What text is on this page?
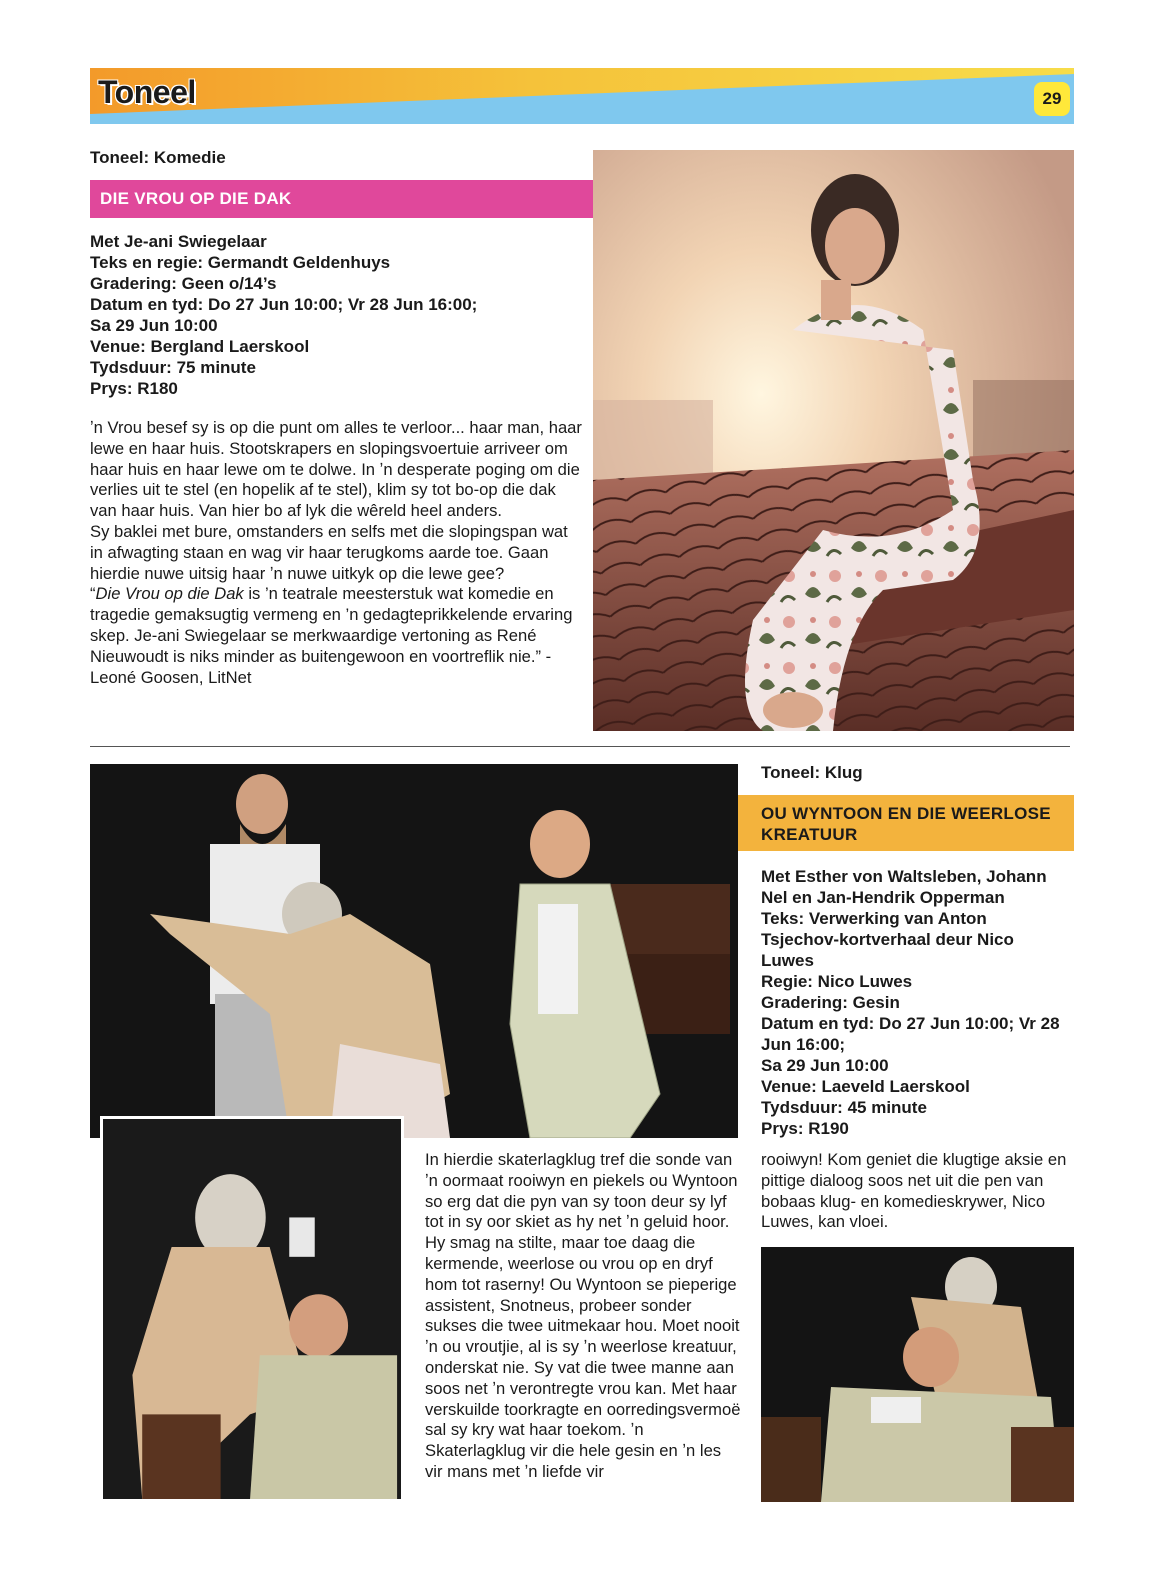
Toneel	29
Toneel: Komedie
DIE VROU OP DIE DAK
Met Je-ani Swiegelaar
Teks en regie: Germandt Geldenhuys
Gradering: Geen o/14’s
Datum en tyd: Do 27 Jun 10:00; Vr 28 Jun 16:00;
Sa 29 Jun 10:00
Venue: Bergland Laerskool
Tydsduur: 75 minute
Prys: R180

ʼn Vrou besef sy is op die punt om alles te verloor... haar man, haar lewe en haar huis. Stootskrapers en slopingsvoertuie arriveer om haar huis en haar lewe om te dolwe. In ʼn desperate poging om die verlies uit te stel (en hopelik af te stel), klim sy tot bo-op die dak van haar huis. Van hier bo af lyk die wêreld heel anders.

Sy baklei met bure, omstanders en selfs met die slopingspan wat in afwagting staan en wag vir haar terugkoms aarde toe. Gaan hierdie nuwe uitsig haar ʼn nuwe uitkyk op die lewe gee?

“Die Vrou op die Dak is ’n teatrale meesterstuk wat komedie en tragedie gemaksugtig vermeng en ’n gedagteprikkelende ervaring skep. Je-ani Swiegelaar se merkwaardige vertoning as René Nieuwoudt is niks minder as buitengewoon en voortreflik nie.” - Leoné Goosen, LitNet

Toneel: Klug
OU WYNTOON EN DIE WEERLOSE KREATUUR
Met Esther von Waltsleben, Johann
Nel en Jan-Hendrik Opperman
Teks: Verwerking van Anton
Tsjechov-kortverhaal deur Nico
Luwes
Regie: Nico Luwes
Gradering: Gesin
Datum en tyd: Do 27 Jun 10:00; Vr 28
Jun 16:00;
Sa 29 Jun 10:00
Venue: Laeveld Laerskool
Tydsduur: 45 minute
Prys: R190

In hierdie skaterlagklug tref die sonde van ʼn oormaat rooiwyn en piekels ou Wyntoon so erg dat die pyn van sy toon deur sy lyf tot in sy oor skiet as hy net ʼn geluid hoor. Hy smag na stilte, maar toe daag die kermende, weerlose ou vrou op en dryf hom tot raserny! Ou Wyntoon se pieperige assistent, Snotneus, probeer sonder sukses die twee uitmekaar hou. Moet nooit ʼn ou vroutjie, al is sy ʼn weerlose kreatuur, onderskat nie. Sy vat die twee manne aan soos net ʼn verontregte vrou kan. Met haar verskuilde toorkragte en oorredingsvermoë sal sy kry wat haar toekom. ʼn Skaterlagklug vir die hele gesin en ʼn les vir mans met ʼn liefde vir

rooiwyn! Kom geniet die klugtige aksie en pittige dialoog soos net uit die pen van bobaas klug- en komedieskrywer, Nico Luwes, kan vloei.
